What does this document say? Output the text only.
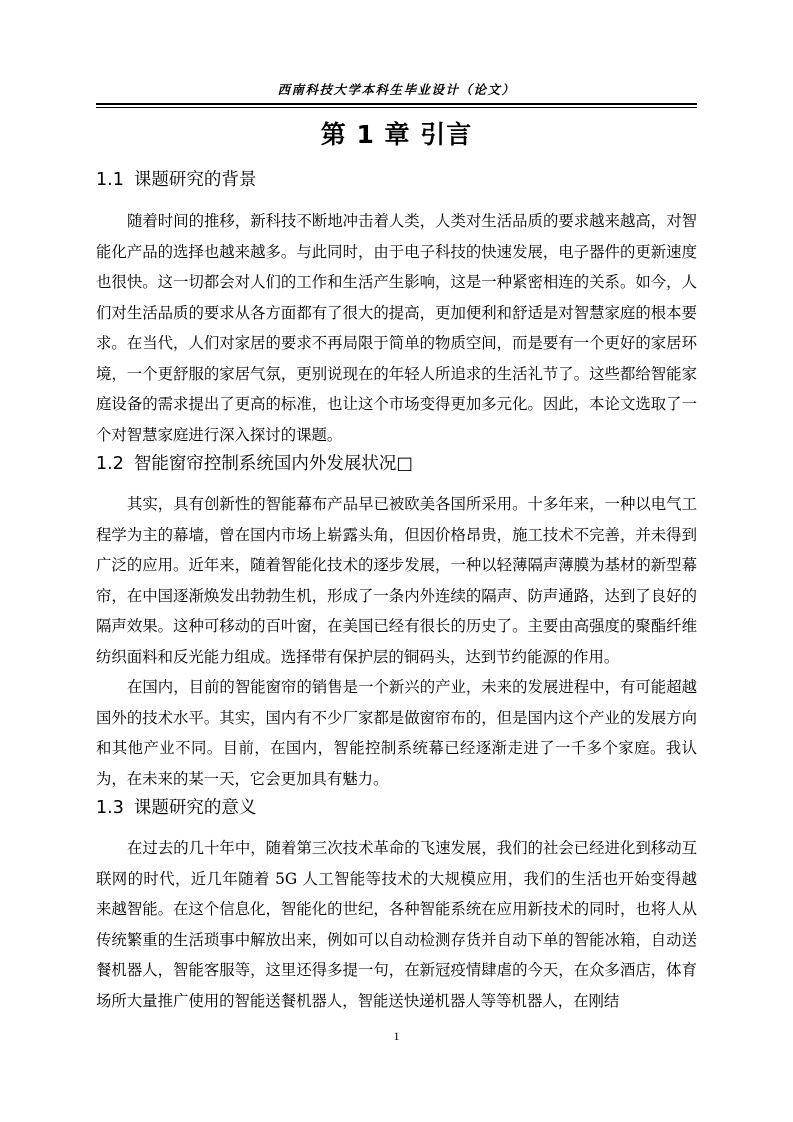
西南科技大学本科生毕业设计（论文）
第 1 章 引言
1.1 课题研究的背景

随着时间的推移，新科技不断地冲击着人类，人类对生活品质的要求越来越高，对智能化产品的选择也越来越多。与此同时，由于电子科技的快速发展，电子器件的更新速度也很快。这一切都会对人们的工作和生活产生影响，这是一种紧密相连的关系。如今，人们对生活品质的要求从各方面都有了很大的提高，更加便利和舒适是对智慧家庭的根本要求。在当代，人们对家居的要求不再局限于简单的物质空间，而是要有一个更好的家居环境，一个更舒服的家居气氛，更别说现在的年轻人所追求的生活礼节了。这些都给智能家庭设备的需求提出了更高的标准，也让这个市场变得更加多元化。因此，本论文选取了一个对智慧家庭进行深入探讨的课题。

1.2 智能窗帘控制系统国内外发展状况□

其实，具有创新性的智能幕布产品早已被欧美各国所采用。十多年来，一种以电气工程学为主的幕墙，曾在国内市场上崭露头角，但因价格昂贵，施工技术不完善，并未得到广泛的应用。近年来，随着智能化技术的逐步发展，一种以轻薄隔声薄膜为基材的新型幕帘，在中国逐渐焕发出勃勃生机，形成了一条内外连续的隔声、防声通路，达到了良好的隔声效果。这种可移动的百叶窗，在美国已经有很长的历史了。主要由高强度的聚酯纤维纺织面料和反光能力组成。选择带有保护层的铜码头，达到节约能源的作用。

在国内，目前的智能窗帘的销售是一个新兴的产业，未来的发展进程中，有可能超越国外的技术水平。其实，国内有不少厂家都是做窗帘布的，但是国内这个产业的发展方向和其他产业不同。目前，在国内，智能控制系统幕已经逐渐走进了一千多个家庭。我认为，在未来的某一天，它会更加具有魅力。

1.3 课题研究的意义

在过去的几十年中，随着第三次技术革命的飞速发展，我们的社会已经进化到移动互联网的时代，近几年随着 5G 人工智能等技术的大规模应用，我们的生活也开始变得越来越智能。在这个信息化，智能化的世纪，各种智能系统在应用新技术的同时，也将人从传统繁重的生活琐事中解放出来，例如可以自动检测存货并自动下单的智能冰箱，自动送餐机器人，智能客服等，这里还得多提一句，在新冠疫情肆虐的今天，在众多酒店，体育场所大量推广使用的智能送餐机器人，智能送快递机器人等等机器人，在刚结

1
